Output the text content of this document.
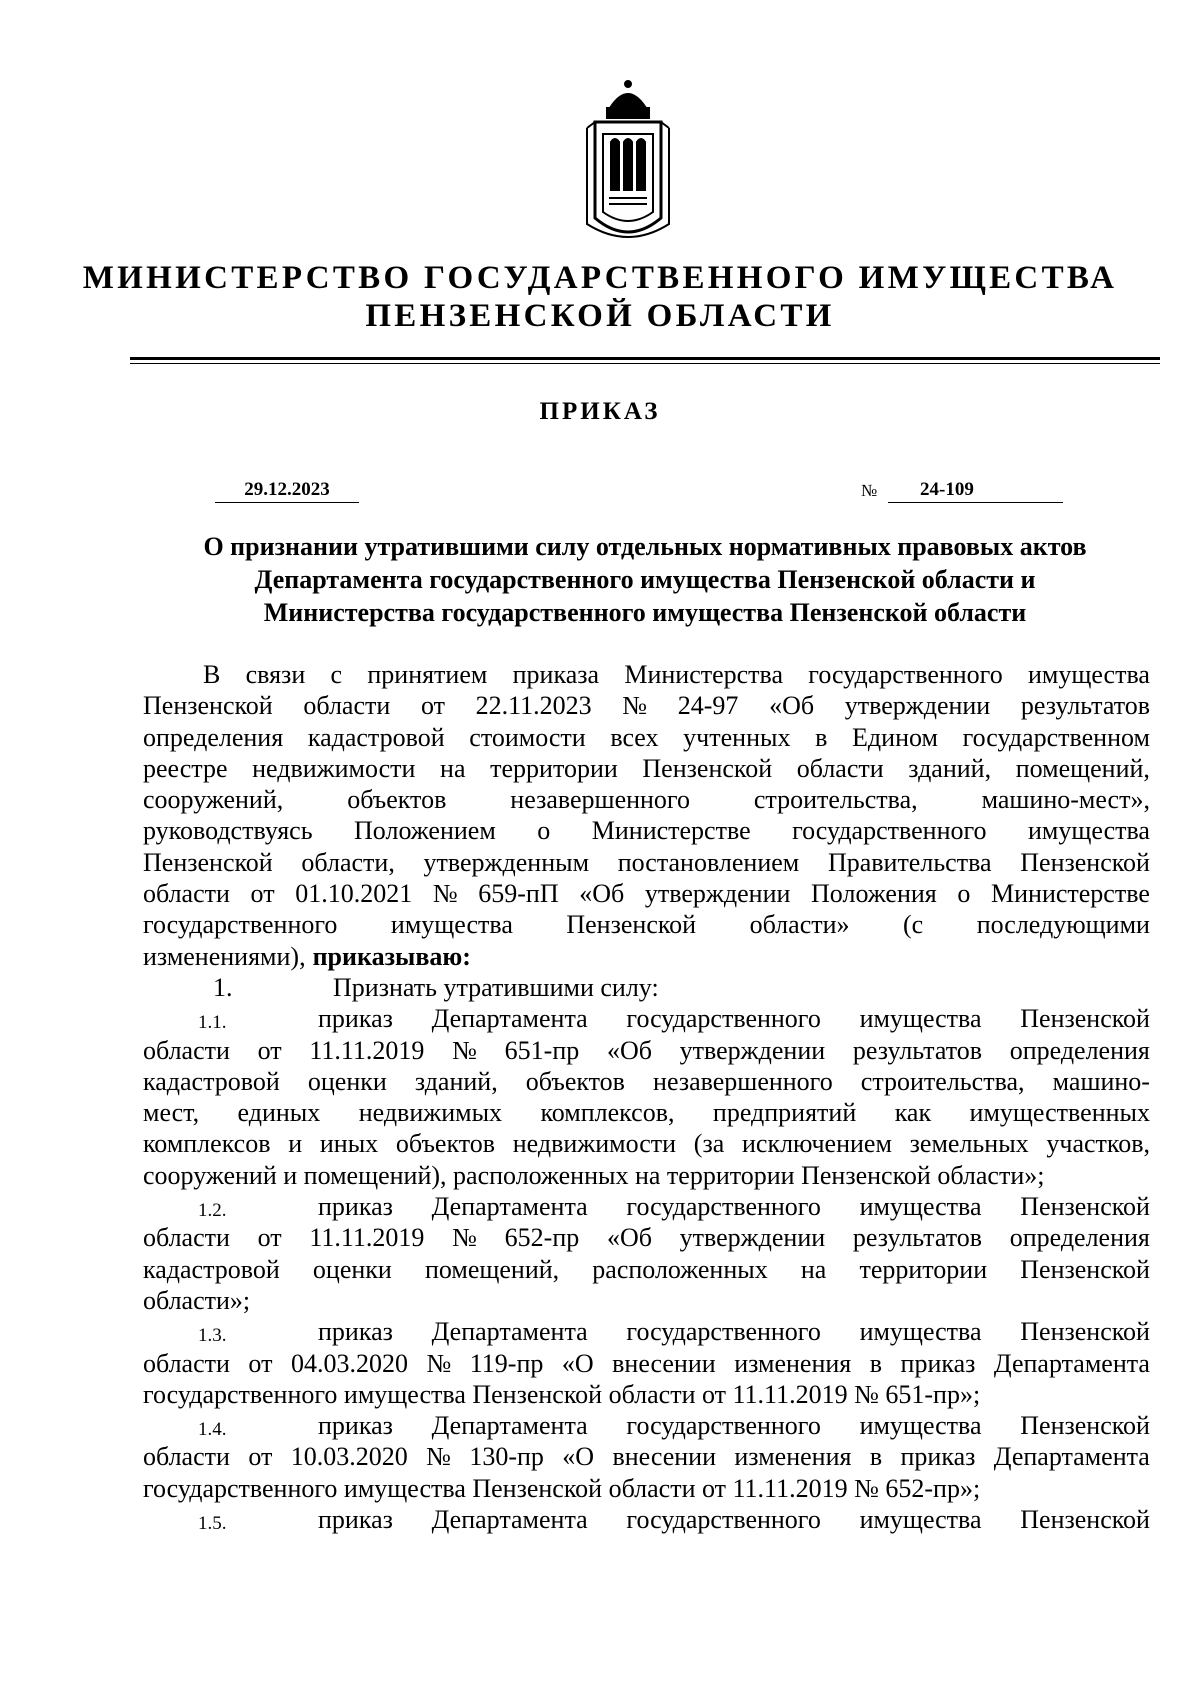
МИНИСТЕРСТВО ГОСУДАРСТВЕННОГО ИМУЩЕСТВА
ПЕНЗЕНСКОЙ ОБЛАСТИ
ПРИКАЗ
29.12.2023	№	24-109
О признании утратившими силу отдельных нормативных правовых актов
Департамента государственного имущества Пензенской области и
Министерства государственного имущества Пензенской области
В связи с принятием приказа Министерства государственного имущества
Пензенской области от 22.11.2023 № 24-97 «Об утверждении результатов
определения кадастровой стоимости всех учтенных в Едином государственном
реестре недвижимости на территории Пензенской области зданий, помещений,
сооружений, объектов незавершенного строительства, машино-мест»,
руководствуясь Положением о Министерстве государственного имущества
Пензенской области, утвержденным постановлением Правительства Пензенской
области от 01.10.2021 № 659-пП «Об утверждении Положения о Министерстве
государственного имущества Пензенской области» (с последующими
изменениями), приказываю:
1.	Признать утратившими силу:
1.1.	приказ Департамента государственного имущества Пензенской
области от 11.11.2019 № 651-пр «Об утверждении результатов определения
кадастровой оценки зданий, объектов незавершенного строительства, машино-
мест, единых недвижимых комплексов, предприятий как имущественных
комплексов и иных объектов недвижимости (за исключением земельных участков,
сооружений и помещений), расположенных на территории Пензенской области»;
1.2.	приказ Департамента государственного имущества Пензенской
области от 11.11.2019 № 652-пр «Об утверждении результатов определения
кадастровой оценки помещений, расположенных на территории Пензенской
области»;
1.3.	приказ Департамента государственного имущества Пензенской
области от 04.03.2020 № 119-пр «О внесении изменения в приказ Департамента
государственного имущества Пензенской области от 11.11.2019 № 651-пр»;
1.4.	приказ Департамента государственного имущества Пензенской
области от 10.03.2020 № 130-пр «О внесении изменения в приказ Департамента
государственного имущества Пензенской области от 11.11.2019 № 652-пр»;
1.5.	приказ Департамента государственного имущества Пензенской
